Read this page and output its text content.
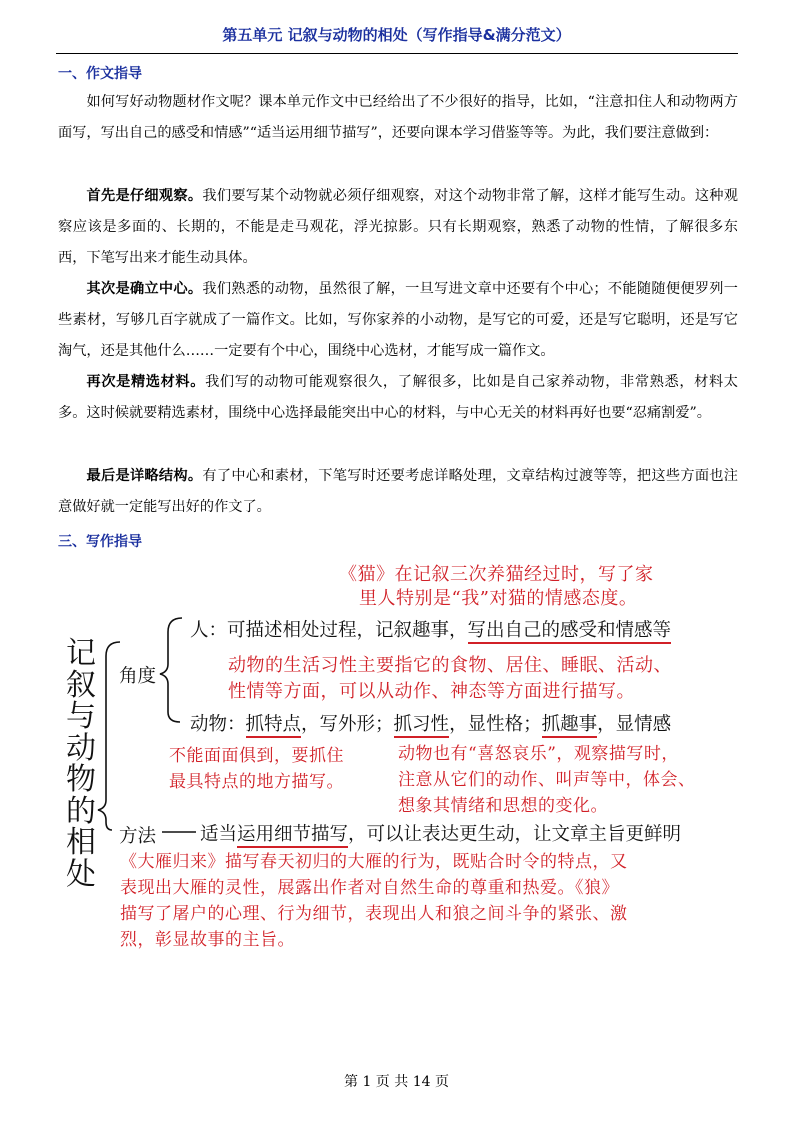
第五单元 记叙与动物的相处（写作指导&满分范文）
一、作文指导

如何写好动物题材作文呢？课本单元作文中已经给出了不少很好的指导，比如，“注意扣住人和动物两方面写，写出自己的感受和情感”“适当运用细节描写”，还要向课本学习借鉴等等。为此，我们要注意做到：

首先是仔细观察。我们要写某个动物就必须仔细观察，对这个动物非常了解，这样才能写生动。这种观察应该是多面的、长期的，不能是走马观花，浮光掠影。只有长期观察，熟悉了动物的性情，了解很多东西，下笔写出来才能生动具体。

其次是确立中心。我们熟悉的动物，虽然很了解，一旦写进文章中还要有个中心；不能随随便便罗列一些素材，写够几百字就成了一篇作文。比如，写你家养的小动物，是写它的可爱，还是写它聪明，还是写它淘气，还是其他什么……一定要有个中心，围绕中心选材，才能写成一篇作文。

再次是精选材料。我们写的动物可能观察很久，了解很多，比如是自己家养动物，非常熟悉，材料太多。这时候就要精选素材，围绕中心选择最能突出中心的材料，与中心无关的材料再好也要“忍痛割爱”。

最后是详略结构。有了中心和素材，下笔写时还要考虑详略处理，文章结构过渡等等，把这些方面也注意做好就一定能写出好的作文了。

三、写作指导
记
叙
与
动
物
的
相
处
《猫》在记叙三次养猫经过时，写了家
里人特别是“我”对猫的情感态度。
角度
人：可描述相处过程，记叙趣事，写出自己的感受和情感等
动物的生活习性主要指它的食物、居住、睡眠、活动、
性情等方面，可以从动作、神态等方面进行描写。
动物：抓特点，写外形；抓习性，显性格；抓趣事，显情感
不能面面俱到，要抓住
最具特点的地方描写。
动物也有“喜怒哀乐”，观察描写时，
注意从它们的动作、叫声等中，体会、
想象其情绪和思想的变化。
方法 适当运用细节描写，可以让表达更生动，让文章主旨更鲜明
《大雁归来》描写春天初归的大雁的行为，既贴合时令的特点，又
表现出大雁的灵性，展露出作者对自然生命的尊重和热爱。《狼》
描写了屠户的心理、行为细节，表现出人和狼之间斗争的紧张、激
烈，彰显故事的主旨。
第 1 页 共 14 页
